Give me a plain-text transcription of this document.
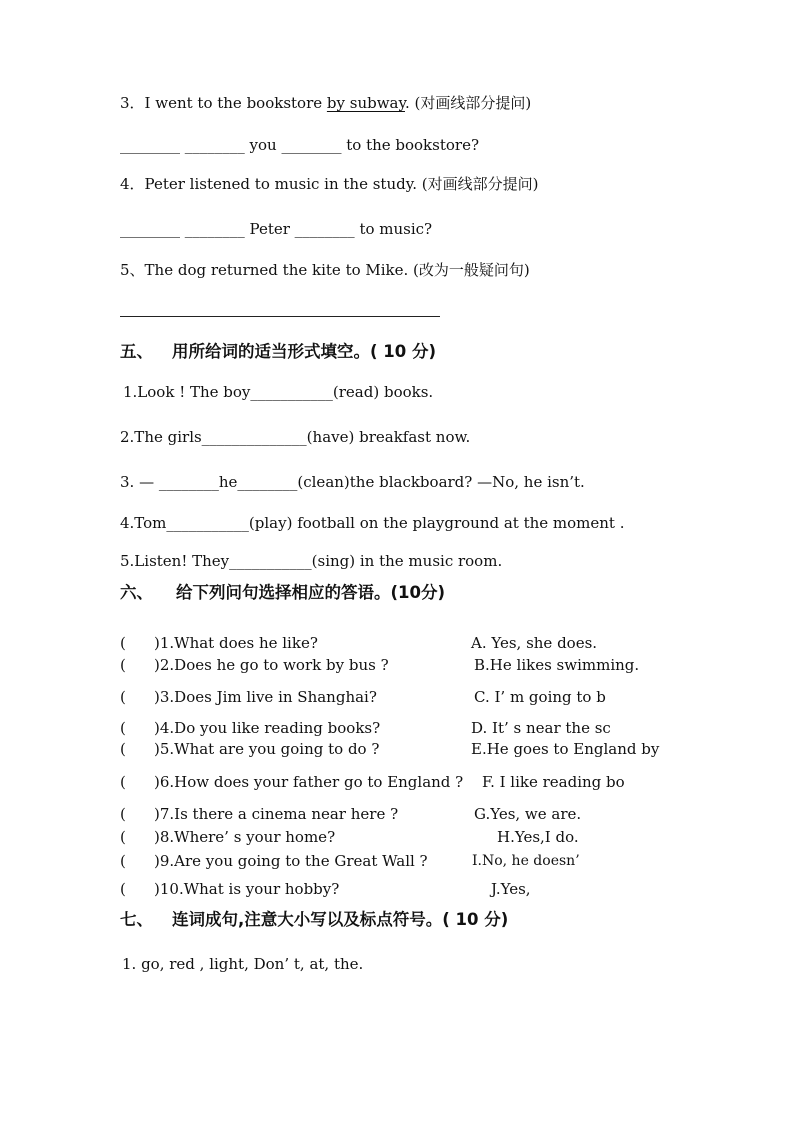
3．I went to the bookstore by subway. (对画线部分提问)
________ ________ you ________ to the bookstore?
4．Peter listened to music in the study. (对画线部分提问)
________ ________ Peter ________ to music?
5、The dog returned the kite to Mike. (改为一般疑问句)
五、 用所给词的适当形式填空。( 10 分)
1.Look ! The boy___________(read) books.
2.The girls______________(have) breakfast now.
3. — ________he________(clean)the blackboard? —No, he isn’t.
4.Tom___________(play) football on the playground at the moment .
5.Listen! They___________(sing) in the music room.
六、 给下列问句选择相应的答语。(10分)
( )1.What does he like?
( )2.Does he go to work by bus ?
( )3.Does Jim live in Shanghai?
( )4.Do you like reading books?
( )5.What are you going to do ?
( )6.How does your father go to England ?
( )7.Is there a cinema near here ?
( )8.Where’ s your home?
( )9.Are you going to the Great Wall ?
( )10.What is your hobby?
A. Yes, she does.
B.He likes swimming.
C. I’ m going to b
D. It’ s near the sc
E.He goes to England by
F. I like reading bo
G.Yes, we are.
H.Yes,I do.
I.No, he doesn’
J.Yes,
七、 连词成句,注意大小写以及标点符号。( 10 分)
1. go, red , light, Don’ t, at, the.
